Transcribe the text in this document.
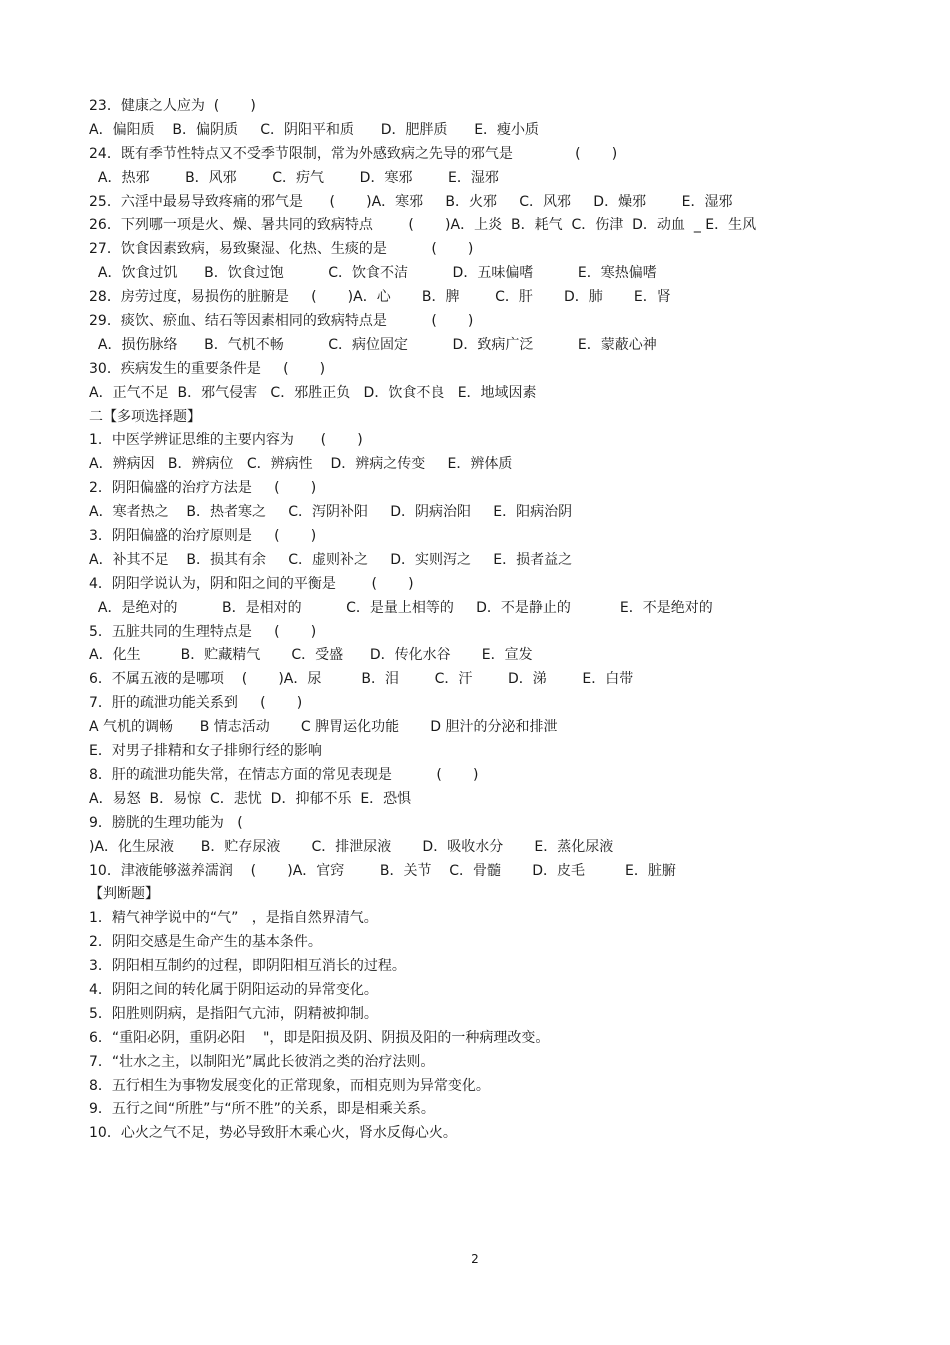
23．健康之人应为  (       )
A．偏阳质    B．偏阴质     C．阴阳平和质      D．肥胖质      E．瘦小质
24．既有季节性特点又不受季节限制，常为外感致病之先导的邪气是              (       )
A．热邪        B．风邪        C．疠气        D．寒邪        E．湿邪
25．六淫中最易导致疼痛的邪气是      (       )A．寒邪     B．火邪     C．风邪     D．燥邪        E．湿邪
26．下列哪一项是火、燥、暑共同的致病特点        (       )A．上炎  B．耗气  C．伤津  D．动血  _ E．生风
27．饮食因素致病，易致聚湿、化热、生痰的是          (       )
A．饮食过饥      B．饮食过饱          C．饮食不洁          D．五味偏嗜          E．寒热偏嗜
28．房劳过度，易损伤的脏腑是     (       )A．心       B．脾        C．肝       D．肺       E．肾
29．痰饮、瘀血、结石等因素相同的致病特点是          (       )
A．损伤脉络      B．气机不畅          C．病位固定          D．致病广泛          E．蒙蔽心神
30．疾病发生的重要条件是     (       )
A．正气不足  B．邪气侵害   C．邪胜正负   D．饮食不良   E．地域因素
二【多项选择题】
1．中医学辨证思维的主要内容为      (       )
A．辨病因   B．辨病位   C．辨病性    D．辨病之传变     E．辨体质
2．阴阳偏盛的治疗方法是     (       )
A．寒者热之    B．热者寒之     C．泻阴补阳     D．阴病治阳     E．阳病治阴
3．阴阳偏盛的治疗原则是     (       )
A．补其不足    B．损其有余     C．虚则补之     D．实则泻之     E．损者益之
4．阴阳学说认为，阴和阳之间的平衡是        (       )
A．是绝对的          B．是相对的          C．是量上相等的     D．不是静止的           E．不是绝对的
5．五脏共同的生理特点是     (       )
A．化生         B．贮藏精气       C．受盛      D．传化水谷       E．宣发
6．不属五液的是哪项    (       )A．尿         B．泪        C．汗        D．涕        E．白带
7．肝的疏泄功能关系到     (       )
A 气机的调畅      B 情志活动       C 脾胃运化功能       D 胆汁的分泌和排泄
E．对男子排精和女子排卵行经的影响
8．肝的疏泄功能失常，在情志方面的常见表现是          (       )
A．易怒  B．易惊  C．悲忧  D．抑郁不乐  E．恐惧
9．膀胱的生理功能为   (
)A．化生尿液      B．贮存尿液       C．排泄尿液       D．吸收水分       E．蒸化尿液
10．津液能够滋养濡润    (       )A．官窍        B．关节    C．骨髓       D．皮毛         E．脏腑
【判断题】
1．精气神学说中的“气”   ，是指自然界清气。
2．阴阳交感是生命产生的基本条件。
3．阴阳相互制约的过程，即阴阳相互消长的过程。
4．阴阳之间的转化属于阴阳运动的异常变化。
5．阳胜则阴病，是指阳气亢沛，阴精被抑制。
6．“重阳必阴，重阴必阳    "，即是阳损及阴、阴损及阳的一种病理改变。
7．“壮水之主，以制阳光”属此长彼消之类的治疗法则。
8．五行相生为事物发展变化的正常现象，而相克则为异常变化。
9．五行之间“所胜”与“所不胜”的关系，即是相乘关系。
10．心火之气不足，势必导致肝木乘心火，肾水反侮心火。
2
